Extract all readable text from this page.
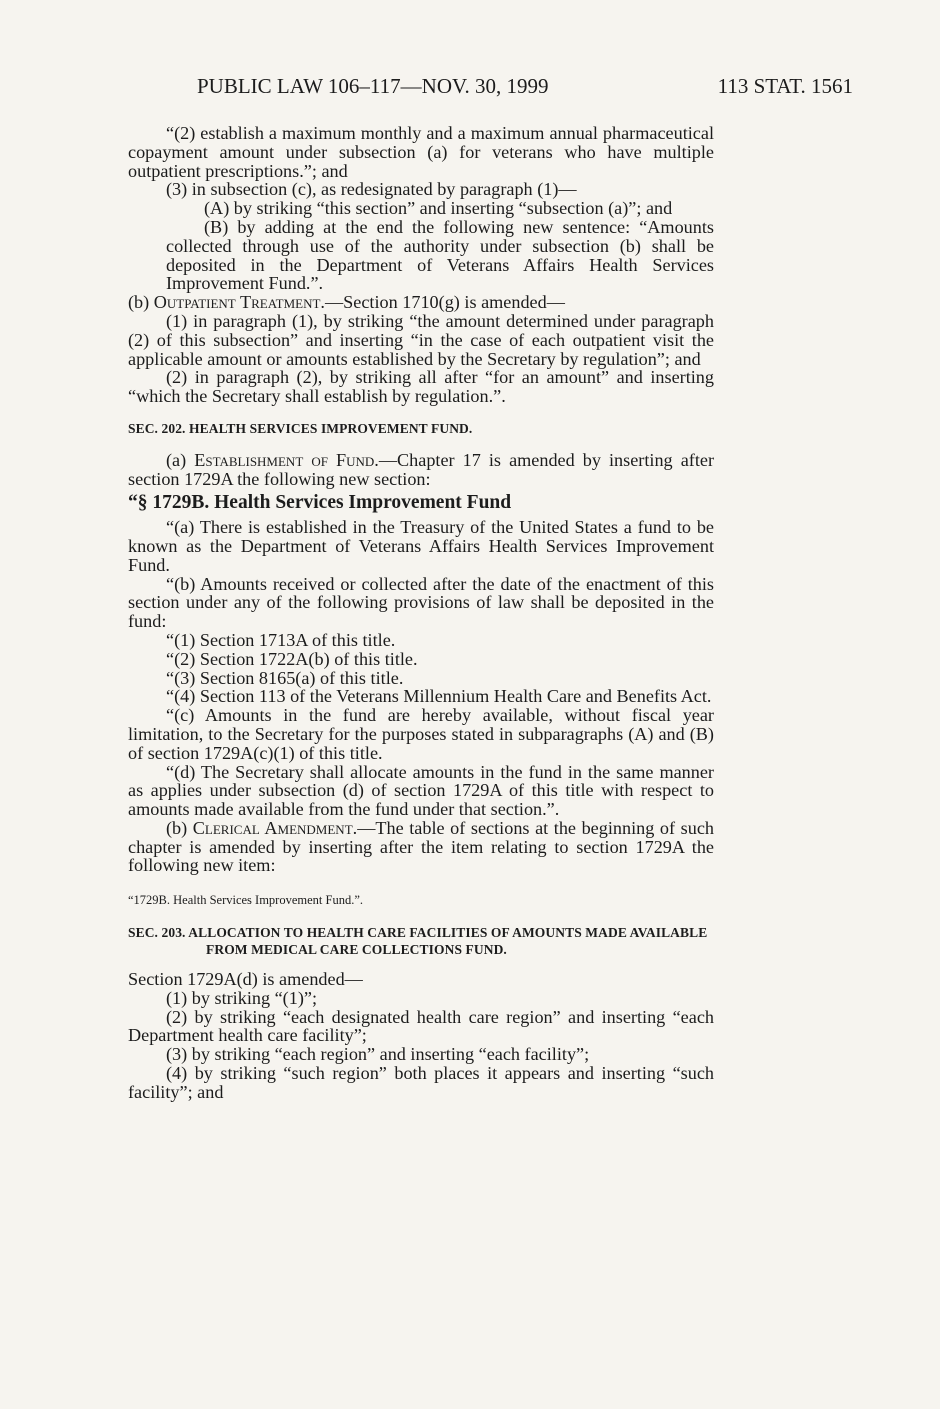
PUBLIC LAW 106–117—NOV. 30, 1999	113 STAT. 1561

“(2) establish a maximum monthly and a maximum annual pharmaceutical copayment amount under subsection (a) for veterans who have multiple outpatient prescriptions.”; and

(3) in subsection (c), as redesignated by paragraph (1)—

(A) by striking “this section” and inserting “subsection (a)”; and

(B) by adding at the end the following new sentence: “Amounts collected through use of the authority under subsection (b) shall be deposited in the Department of Veterans Affairs Health Services Improvement Fund.”.

(b) Outpatient Treatment.—Section 1710(g) is amended—

(1) in paragraph (1), by striking “the amount determined under paragraph (2) of this subsection” and inserting “in the case of each outpatient visit the applicable amount or amounts established by the Secretary by regulation”; and

(2) in paragraph (2), by striking all after “for an amount” and inserting “which the Secretary shall establish by regulation.”.

SEC. 202. HEALTH SERVICES IMPROVEMENT FUND.

(a) Establishment of Fund.—Chapter 17 is amended by inserting after section 1729A the following new section:

“§ 1729B. Health Services Improvement Fund

“(a) There is established in the Treasury of the United States a fund to be known as the Department of Veterans Affairs Health Services Improvement Fund.

“(b) Amounts received or collected after the date of the enactment of this section under any of the following provisions of law shall be deposited in the fund:

“(1) Section 1713A of this title.

“(2) Section 1722A(b) of this title.

“(3) Section 8165(a) of this title.

“(4) Section 113 of the Veterans Millennium Health Care and Benefits Act.

“(c) Amounts in the fund are hereby available, without fiscal year limitation, to the Secretary for the purposes stated in subparagraphs (A) and (B) of section 1729A(c)(1) of this title.

“(d) The Secretary shall allocate amounts in the fund in the same manner as applies under subsection (d) of section 1729A of this title with respect to amounts made available from the fund under that section.”.

(b) Clerical Amendment.—The table of sections at the beginning of such chapter is amended by inserting after the item relating to section 1729A the following new item:

“1729B. Health Services Improvement Fund.”.
SEC. 203. ALLOCATION TO HEALTH CARE FACILITIES OF AMOUNTS MADE AVAILABLE FROM MEDICAL CARE COLLECTIONS FUND.

Section 1729A(d) is amended—

(1) by striking “(1)”;

(2) by striking “each designated health care region” and inserting “each Department health care facility”;

(3) by striking “each region” and inserting “each facility”;

(4) by striking “such region” both places it appears and inserting “such facility”; and
